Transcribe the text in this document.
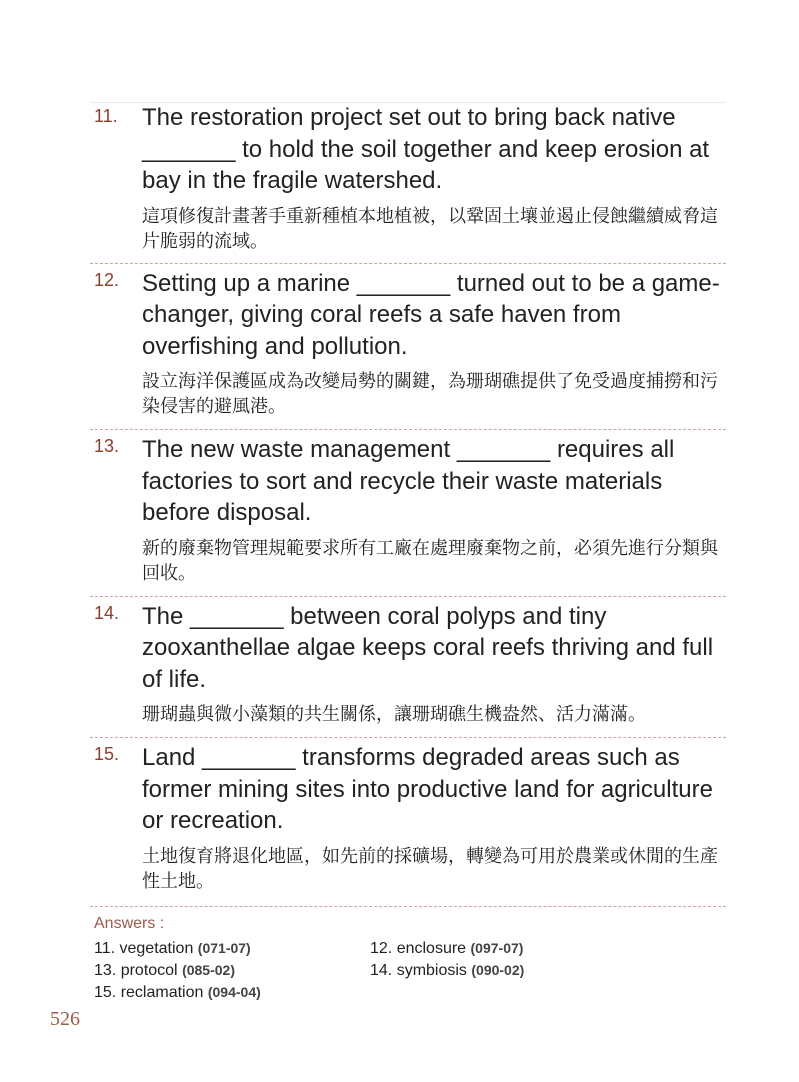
11. The restoration project set out to bring back native _______ to hold the soil together and keep erosion at bay in the fragile watershed.
這項修復計畫著手重新種植本地植被，以鞏固土壤並遏止侵蝕繼續威脅這片脆弱的流域。
12. Setting up a marine _______ turned out to be a game-changer, giving coral reefs a safe haven from overfishing and pollution.
設立海洋保護區成為改變局勢的關鍵，為珊瑚礁提供了免受過度捕撈和污染侵害的避風港。
13. The new waste management _______ requires all factories to sort and recycle their waste materials before disposal.
新的廢棄物管理規範要求所有工廠在處理廢棄物之前，必須先進行分類與回收。
14. The _______ between coral polyps and tiny zooxanthellae algae keeps coral reefs thriving and full of life.
珊瑚蟲與微小藻類的共生關係，讓珊瑚礁生機盎然、活力滿滿。
15. Land _______ transforms degraded areas such as former mining sites into productive land for agriculture or recreation.
土地復育將退化地區，如先前的採礦場，轉變為可用於農業或休閒的生產性土地。
Answers :
11. vegetation (071-07)	12. enclosure (097-07)
13. protocol (085-02)	14. symbiosis (090-02)
15. reclamation (094-04)
526
